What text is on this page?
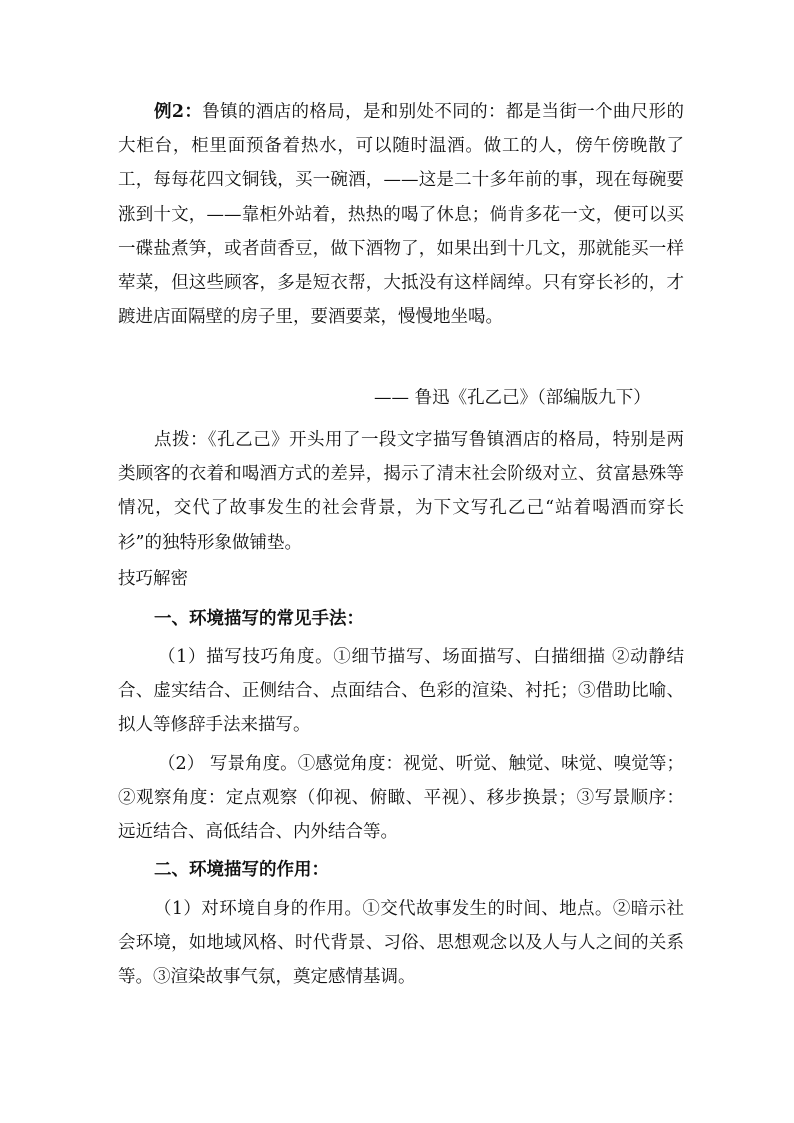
例2：鲁镇的酒店的格局，是和别处不同的：都是当街一个曲尺形的大柜台，柜里面预备着热水，可以随时温酒。做工的人，傍午傍晚散了工，每每花四文铜钱，买一碗酒，——这是二十多年前的事，现在每碗要涨到十文，——靠柜外站着，热热的喝了休息；倘肯多花一文，便可以买一碟盐煮笋，或者茴香豆，做下酒物了，如果出到十几文，那就能买一样荤菜，但这些顾客，多是短衣帮，大抵没有这样阔绰。只有穿长衫的，才踱进店面隔壁的房子里，要酒要菜，慢慢地坐喝。
—— 鲁迅《孔乙己》（部编版九下）
点拨：《孔乙己》开头用了一段文字描写鲁镇酒店的格局，特别是两类顾客的衣着和喝酒方式的差异，揭示了清末社会阶级对立、贫富悬殊等情况，交代了故事发生的社会背景，为下文写孔乙己“站着喝酒而穿长衫”的独特形象做铺垫。
技巧解密
一、环境描写的常见手法：
（1）描写技巧角度。①细节描写、场面描写、白描细描 ②动静结合、虚实结合、正侧结合、点面结合、色彩的渲染、衬托；③借助比喻、拟人等修辞手法来描写。
（2） 写景角度。①感觉角度：视觉、听觉、触觉、味觉、嗅觉等；②观察角度：定点观察（仰视、俯瞰、平视）、移步换景；③写景顺序：远近结合、高低结合、内外结合等。
二、环境描写的作用：
（1）对环境自身的作用。①交代故事发生的时间、地点。②暗示社会环境，如地域风格、时代背景、习俗、思想观念以及人与人之间的关系等。③渲染故事气氛，奠定感情基调。
